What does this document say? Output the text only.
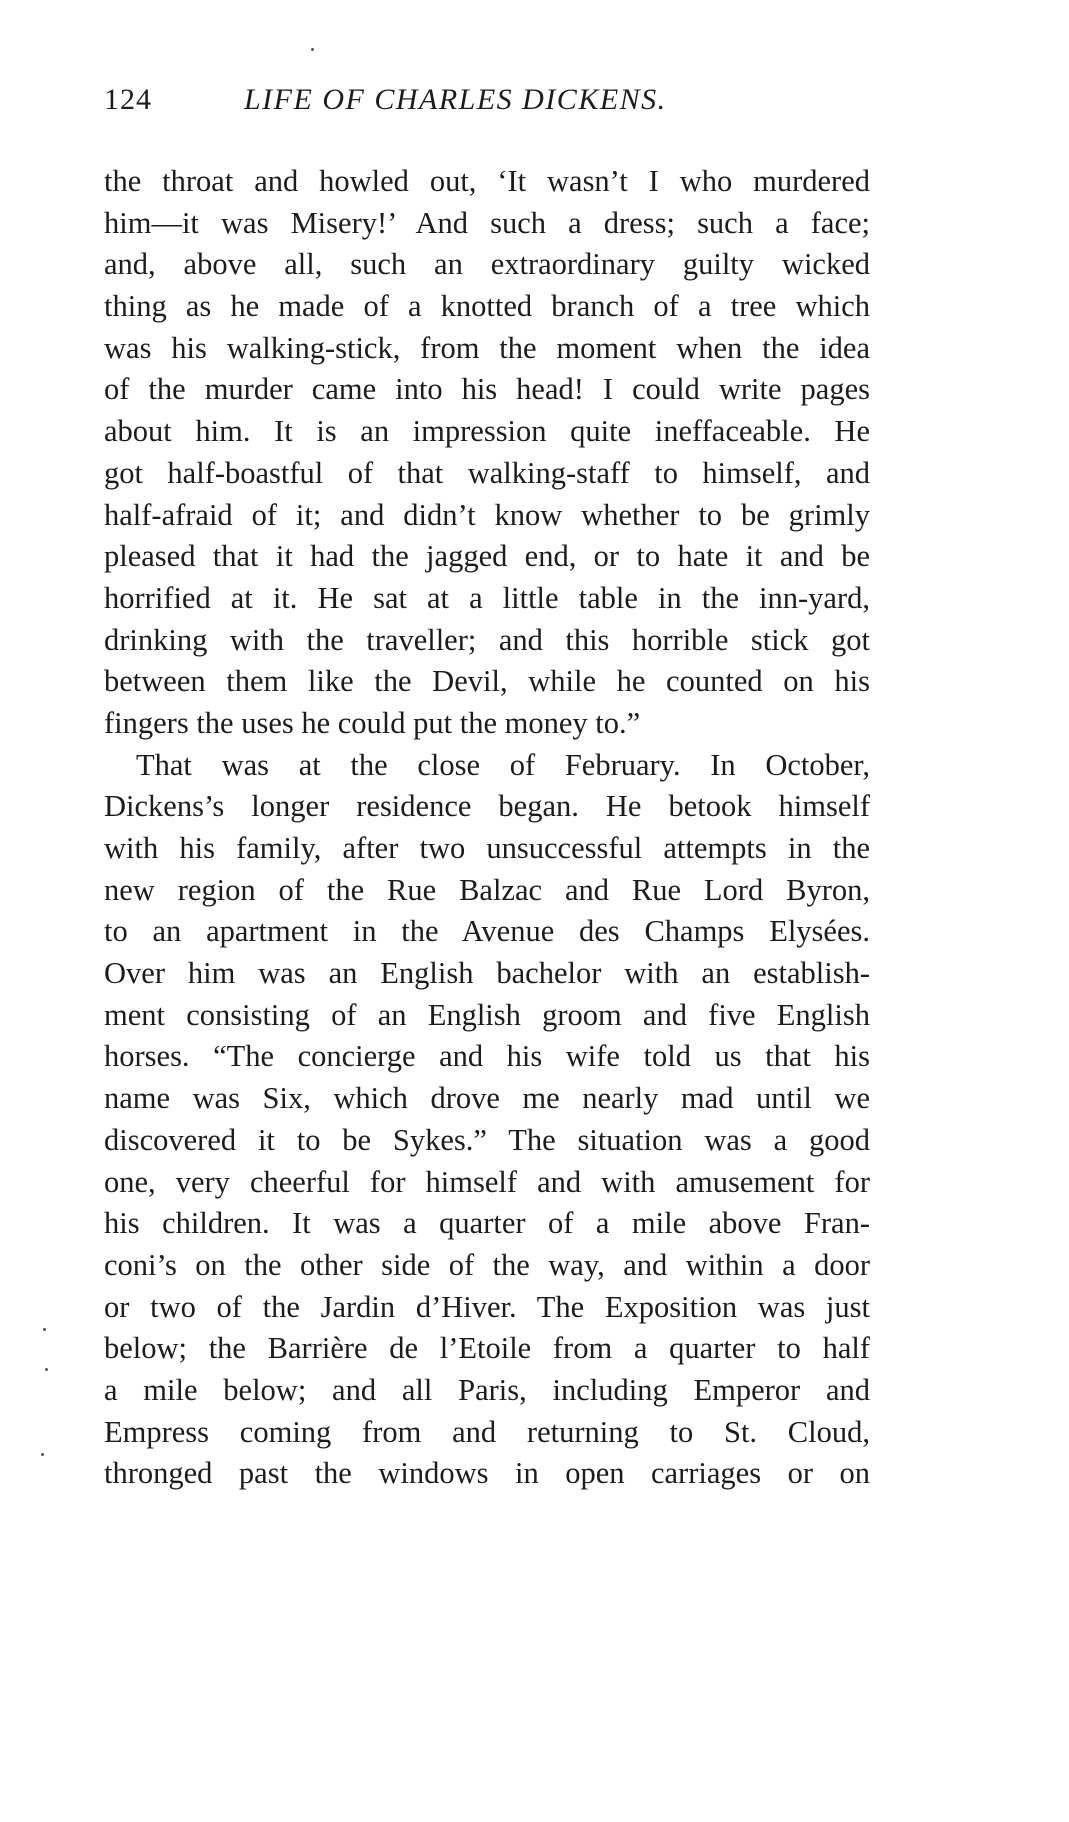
124	LIFE OF CHARLES DICKENS.
the throat and howled out, ‘It wasn’t I who murdered
him—it was Misery!’ And such a dress; such a face;
and, above all, such an extraordinary guilty wicked
thing as he made of a knotted branch of a tree which
was his walking-stick, from the moment when the idea
of the murder came into his head! I could write pages
about him. It is an impression quite ineffaceable. He
got half-boastful of that walking-staff to himself, and
half-afraid of it; and didn’t know whether to be grimly
pleased that it had the jagged end, or to hate it and be
horrified at it. He sat at a little table in the inn-yard,
drinking with the traveller; and this horrible stick got
between them like the Devil, while he counted on his
fingers the uses he could put the money to.”
That was at the close of February. In October,
Dickens’s longer residence began. He betook himself
with his family, after two unsuccessful attempts in the
new region of the Rue Balzac and Rue Lord Byron,
to an apartment in the Avenue des Champs Elysées.
Over him was an English bachelor with an establish-
ment consisting of an English groom and five English
horses. “The concierge and his wife told us that his
name was Six, which drove me nearly mad until we
discovered it to be Sykes.” The situation was a good
one, very cheerful for himself and with amusement for
his children. It was a quarter of a mile above Fran-
coni’s on the other side of the way, and within a door
or two of the Jardin d’Hiver. The Exposition was just
below; the Barrière de l’Etoile from a quarter to half
a mile below; and all Paris, including Emperor and
Empress coming from and returning to St. Cloud,
thronged past the windows in open carriages or on
